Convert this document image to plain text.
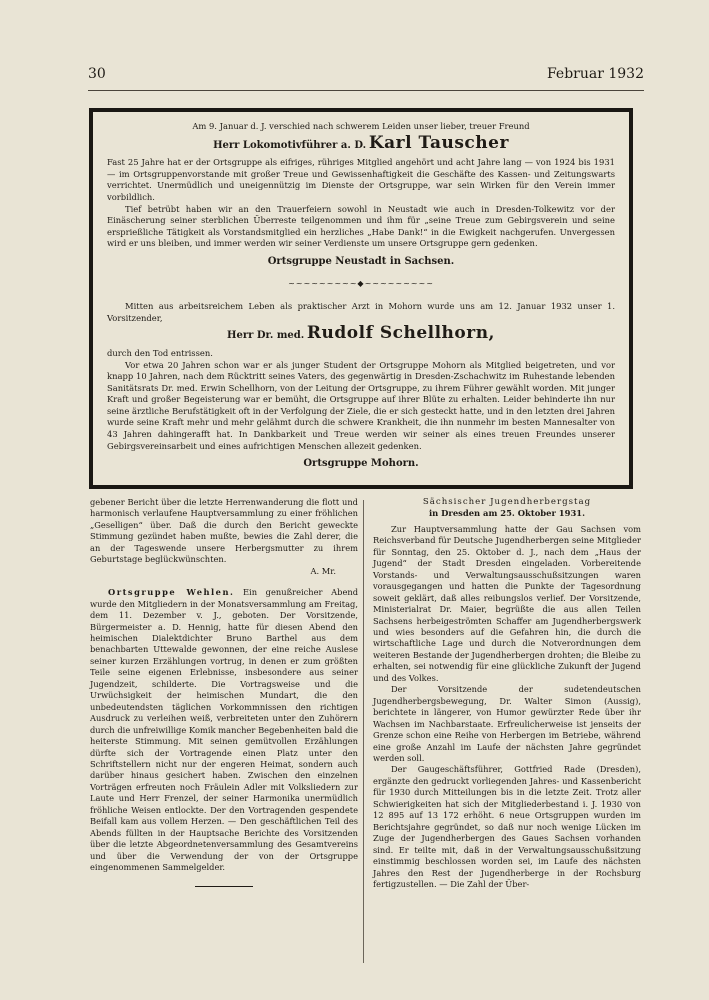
30	Februar 1932

Am 9. Januar d. J. verschied nach schwerem Leiden unser lieber, treuer Freund

Herr Lokomotivführer a. D. Karl Tauscher

Fast 25 Jahre hat er der Ortsgruppe als eifriges, rühriges Mitglied angehört und acht Jahre lang — von 1924 bis 1931 — im Ortsgruppenvorstande mit großer Treue und Gewissenhaftigkeit die Geschäfte des Kassen- und Zeitungswarts verrichtet. Unermüdlich und uneigennützig im Dienste der Ortsgruppe, war sein Wirken für den Verein immer vorbildlich.

Tief betrübt haben wir an den Trauerfeiern sowohl in Neustadt wie auch in Dresden-Tolkewitz vor der Einäscherung seiner sterblichen Überreste teilgenommen und ihm für „seine Treue zum Gebirgsverein und seine ersprießliche Tätigkeit als Vorstandsmitglied ein herzliches „Habe Dank!“ in die Ewigkeit nachgerufen. Unvergessen wird er uns bleiben, und immer werden wir seiner Verdienste um unsere Ortsgruppe gern gedenken.

Ortsgruppe Neustadt in Sachsen.

~~~~~~~~~◆~~~~~~~~~

Mitten aus arbeitsreichem Leben als praktischer Arzt in Mohorn wurde uns am 12. Januar 1932 unser 1. Vorsitzender,

Herr Dr. med. Rudolf Schellhorn,

durch den Tod entrissen.

Vor etwa 20 Jahren schon war er als junger Student der Ortsgruppe Mohorn als Mitglied beigetreten, und vor knapp 10 Jahren, nach dem Rücktritt seines Vaters, des gegenwärtig in Dresden-Zschachwitz im Ruhestande lebenden Sanitätsrats Dr. med. Erwin Schellhorn, von der Leitung der Ortsgruppe, zu ihrem Führer gewählt worden. Mit junger Kraft und großer Begeisterung war er bemüht, die Ortsgruppe auf ihrer Blüte zu erhalten. Leider behinderte ihn nur seine ärztliche Berufstätigkeit oft in der Verfolgung der Ziele, die er sich gesteckt hatte, und in den letzten drei Jahren wurde seine Kraft mehr und mehr gelähmt durch die schwere Krankheit, die ihn nunmehr im besten Mannesalter von 43 Jahren dahingerafft hat. In Dankbarkeit und Treue werden wir seiner als eines treuen Freundes unserer Gebirgsvereinsarbeit und eines aufrichtigen Menschen allezeit gedenken.

Ortsgruppe Mohorn.

gebener Bericht über die letzte Herrenwanderung die flott und harmonisch verlaufene Hauptversammlung zu einer fröhlichen „Geselligen“ über. Daß die durch den Bericht geweckte Stimmung gezündet haben mußte, bewies die Zahl derer, die an der Tageswende unsere Herbergsmutter zu ihrem Geburtstage beglückwünschten.

A. Mr.

Ortsgruppe Wehlen. Ein genußreicher Abend wurde den Mitgliedern in der Monatsversammlung am Freitag, dem 11. Dezember v. J., geboten. Der Vorsitzende, Bürgermeister a. D. Hennig, hatte für diesen Abend den heimischen Dialektdichter Bruno Barthel aus dem benachbarten Uttewalde gewonnen, der eine reiche Auslese seiner kurzen Erzählungen vortrug, in denen er zum größten Teile seine eigenen Erlebnisse, insbesondere aus seiner Jugendzeit, schilderte. Die Vortragsweise und die Urwüchsigkeit der heimischen Mundart, die den unbedeutendsten täglichen Vorkommnissen den richtigen Ausdruck zu verleihen weiß, verbreiteten unter den Zuhörern durch die unfreiwillige Komik mancher Begebenheiten bald die heiterste Stimmung. Mit seinen gemütvollen Erzählungen dürfte sich der Vortragende einen Platz unter den Schriftstellern nicht nur der engeren Heimat, sondern auch darüber hinaus gesichert haben. Zwischen den einzelnen Vorträgen erfreuten noch Fräulein Adler mit Volksliedern zur Laute und Herr Frenzel, der seiner Harmonika unermüdlich fröhliche Weisen entlockte. Der den Vortragenden gespendete Beifall kam aus vollem Herzen. — Den geschäftlichen Teil des Abends füllten in der Hauptsache Berichte des Vorsitzenden über die letzte Abgeordnetenversammlung des Gesamtvereins und über die Verwendung der von der Ortsgruppe eingenommenen Sammelgelder.

Sächsischer Jugendherbergstag

in Dresden am 25. Oktober 1931.

Zur Hauptversammlung hatte der Gau Sachsen vom Reichsverband für Deutsche Jugendherbergen seine Mitglieder für Sonntag, den 25. Oktober d. J., nach dem „Haus der Jugend“ der Stadt Dresden eingeladen. Vorbereitende Vorstands- und Verwaltungsausschußsitzungen waren vorausgegangen und hatten die Punkte der Tagesordnung soweit geklärt, daß alles reibungslos verlief. Der Vorsitzende, Ministerialrat Dr. Maier, begrüßte die aus allen Teilen Sachsens herbeigeströmten Schaffer am Jugendherbergswerk und wies besonders auf die Gefahren hin, die durch die wirtschaftliche Lage und durch die Notverordnungen dem weiteren Bestande der Jugendherbergen drohten; die Bleibe zu erhalten, sei notwendig für eine glückliche Zukunft der Jugend und des Volkes.

Der Vorsitzende der sudetendeutschen Jugendherbergsbewegung, Dr. Walter Simon (Aussig), berichtete in längerer, von Humor gewürzter Rede über ihr Wachsen im Nachbarstaate. Erfreulicherweise ist jenseits der Grenze schon eine Reihe von Herbergen im Betriebe, während eine große Anzahl im Laufe der nächsten Jahre gegründet werden soll.

Der Gaugeschäftsführer, Gottfried Rade (Dresden), ergänzte den gedruckt vorliegenden Jahres- und Kassenbericht für 1930 durch Mitteilungen bis in die letzte Zeit. Trotz aller Schwierigkeiten hat sich der Mitgliederbestand i. J. 1930 von 12 895 auf 13 172 erhöht. 6 neue Ortsgruppen wurden im Berichtsjahre gegründet, so daß nur noch wenige Lücken im Zuge der Jugendherbergen des Gaues Sachsen vorhanden sind. Er teilte mit, daß in der Verwaltungsausschußsitzung einstimmig beschlossen worden sei, im Laufe des nächsten Jahres den Rest der Jugendherberge in der Rochsburg fertigzustellen. — Die Zahl der Über-
